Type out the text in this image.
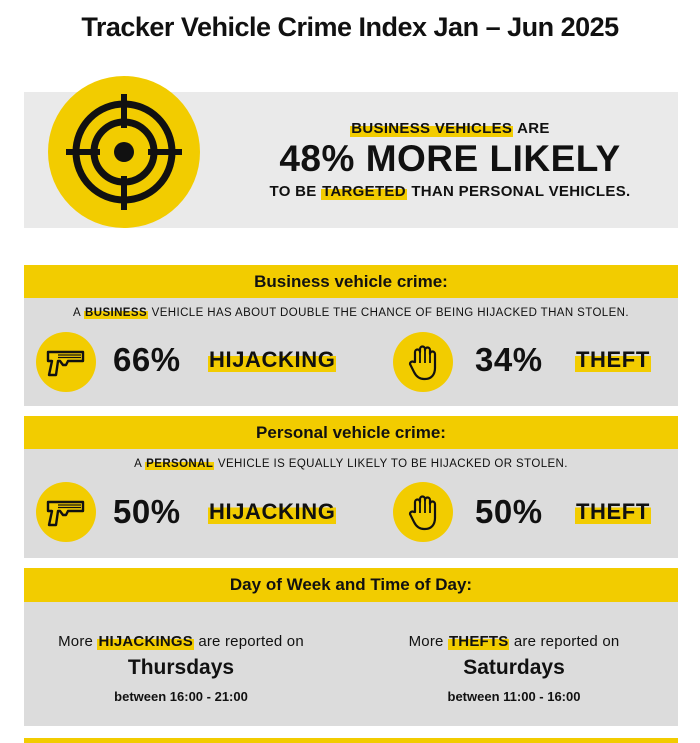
Tracker Vehicle Crime Index Jan – Jun 2025
BUSINESS VEHICLES ARE
48% MORE LIKELY
TO BE TARGETED THAN PERSONAL VEHICLES.
Business vehicle crime:
A BUSINESS VEHICLE HAS ABOUT DOUBLE THE CHANCE OF BEING HIJACKED THAN STOLEN.
66% HIJACKING	34% THEFT
Personal vehicle crime:
A PERSONAL VEHICLE IS EQUALLY LIKELY TO BE HIJACKED OR STOLEN.
50% HIJACKING	50% THEFT
Day of Week and Time of Day:
More HIJACKINGS are reported on
Thursdays
between 16:00 - 21:00
More THEFTS are reported on
Saturdays
between 11:00 - 16:00
